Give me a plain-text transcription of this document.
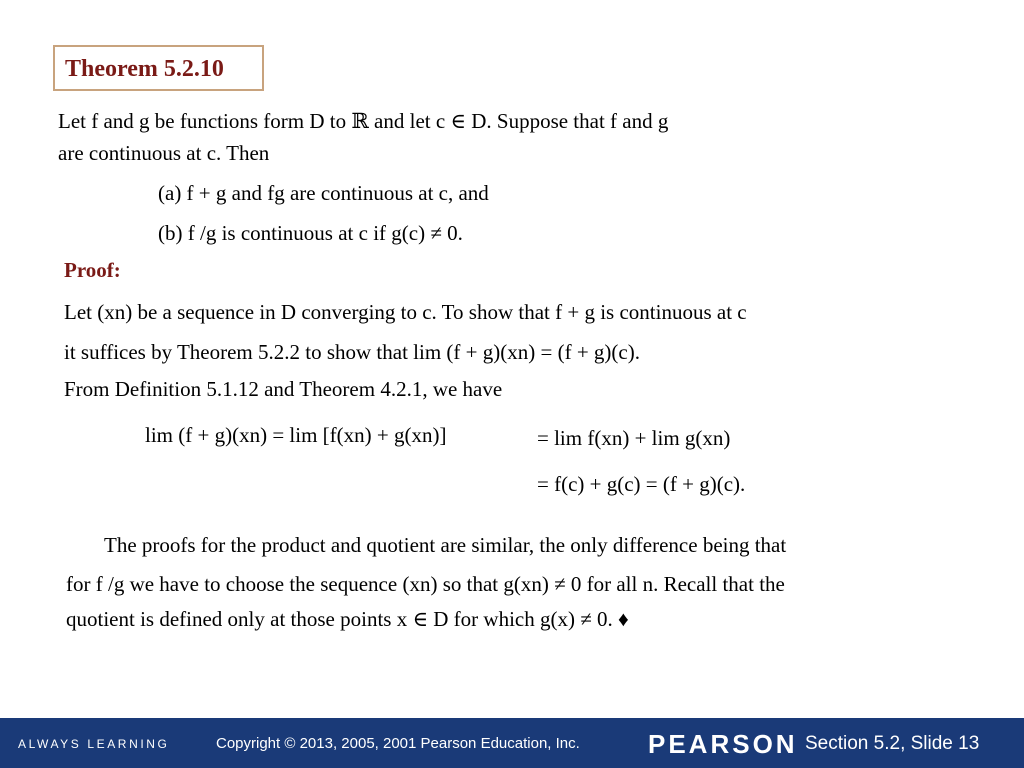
Theorem 5.2.10
Let f and g be functions form D to ℝ and let c ∈ D. Suppose that f and g
are continuous at c. Then
(a) f + g and fg are continuous at c, and
(b) f /g is continuous at c if g(c) ≠ 0.
Proof:
Let (xn) be a sequence in D converging to c. To show that f + g is continuous at c
it suffices by Theorem 5.2.2 to show that lim (f + g)(xn) = (f + g)(c).
From Definition 5.1.12 and Theorem 4.2.1, we have
lim (f + g)(xn) = lim [f(xn) + g(xn)]	= lim f(xn) + lim g(xn)
= f(c) + g(c) = (f + g)(c).
The proofs for the product and quotient are similar, the only difference being that
for f /g we have to choose the sequence (xn) so that g(xn) ≠ 0 for all n. Recall that the
quotient is defined only at those points x ∈ D for which g(x) ≠ 0. ♦
ALWAYS LEARNING	Copyright © 2013, 2005, 2001 Pearson Education, Inc.	PEARSON Section 5.2, Slide 13
